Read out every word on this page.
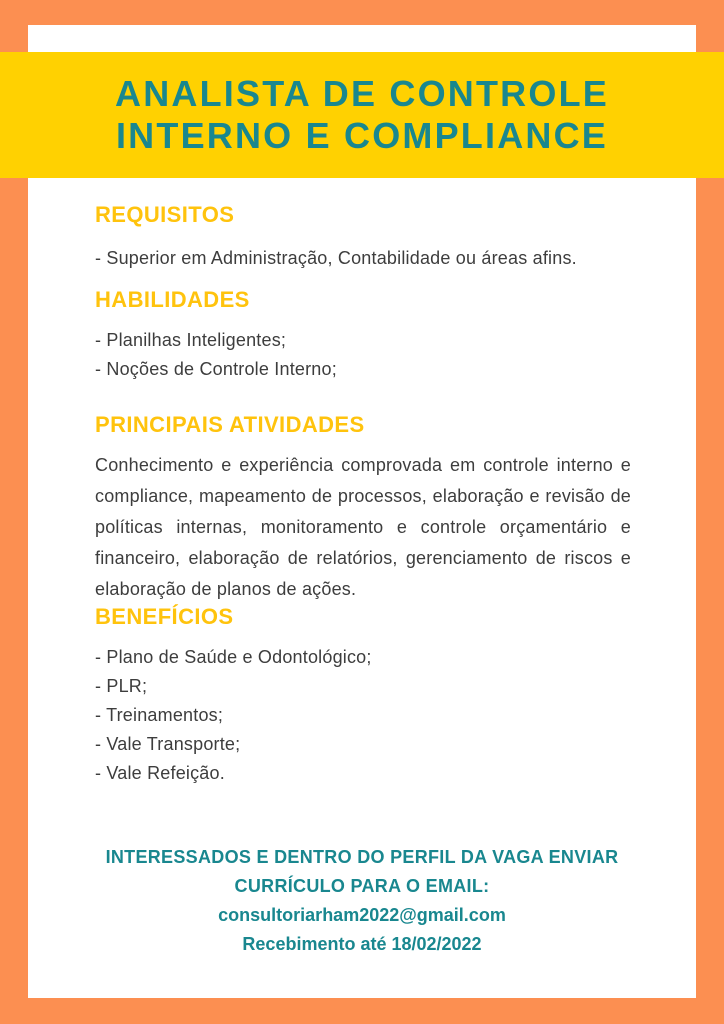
ANALISTA DE CONTROLE
INTERNO E COMPLIANCE
REQUISITOS
- Superior em Administração, Contabilidade ou áreas afins.
HABILIDADES
- Planilhas Inteligentes;
- Noções de Controle Interno;
PRINCIPAIS ATIVIDADES
Conhecimento e experiência comprovada em controle interno e compliance, mapeamento de processos, elaboração e revisão de políticas internas, monitoramento e controle orçamentário e financeiro, elaboração de relatórios, gerenciamento de riscos e elaboração de planos de ações.
BENEFÍCIOS
- Plano de Saúde e Odontológico;
- PLR;
- Treinamentos;
- Vale Transporte;
- Vale Refeição.
INTERESSADOS E DENTRO DO PERFIL DA VAGA ENVIAR
CURRÍCULO PARA O EMAIL:
consultoriarham2022@gmail.com
Recebimento até 18/02/2022
